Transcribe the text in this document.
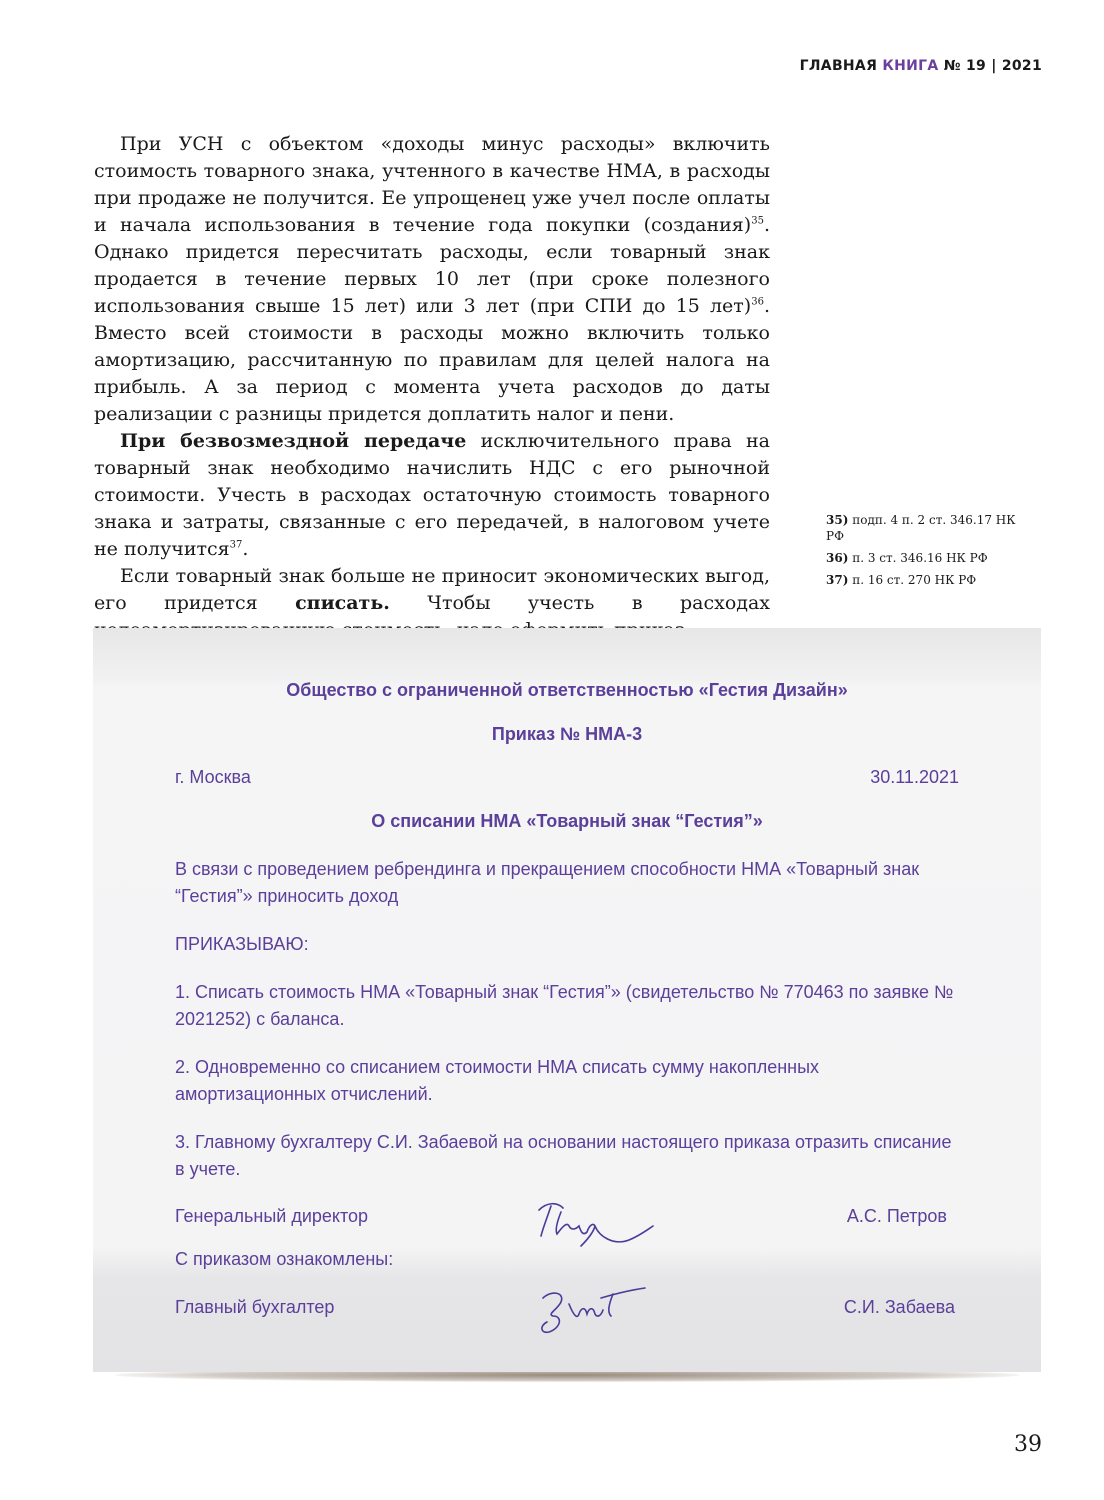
ГЛАВНАЯ КНИГА № 19 | 2021

При УСН с объектом «доходы минус расходы» включить стоимость товарного знака, учтенного в качестве НМА, в расходы при продаже не получится. Ее упрощенец уже учел после оплаты и начала использования в течение года покупки (создания)$^{35}$. Однако придется пересчитать расходы, если товарный знак продается в течение первых 10 лет (при сроке полезного использования свыше 15 лет) или 3 лет (при СПИ до 15 лет)$^{36}$. Вместо всей стоимости в расходы можно включить только амортизацию, рассчитанную по правилам для целей налога на прибыль. А за период с момента учета расходов до даты реализации с разницы придется доплатить налог и пени.

При безвозмездной передаче исключительного права на товарный знак необходимо начислить НДС с его рыночной стоимости. Учесть в расходах остаточную стоимость товарного знака и затраты, связанные с его передачей, в налоговом учете не получится$^{37}$.

Если товарный знак больше не приносит экономических выгод, его придется списать. Чтобы учесть в расходах

35) подп. 4 п. 2 ст. 346.17 НК РФ
36) п. 3 ст. 346.16 НК РФ
37) п. 16 ст. 270 НК РФ
Общество с ограниченной ответственностью «Гестия Дизайн»
Приказ № НМА-3
г. Москва	30.11.2021
О списании НМА «Товарный знак “Гестия”»
В связи с проведением ребрендинга и прекращением способности НМА «Товарный знак “Гестия”» приносить доход
ПРИКАЗЫВАЮ:
1. Списать стоимость НМА «Товарный знак “Гестия”» (свидетельство № 770463 по заявке № 2021252) с баланса.
2. Одновременно со списанием стоимости НМА списать сумму накопленных амортизационных отчислений.
3. Главному бухгалтеру С.И. Забаевой на основании настоящего приказа отразить списание в учете.
Генеральный директор	А.С. Петров
С приказом ознакомлены:
Главный бухгалтер	С.И. Забаева
39
